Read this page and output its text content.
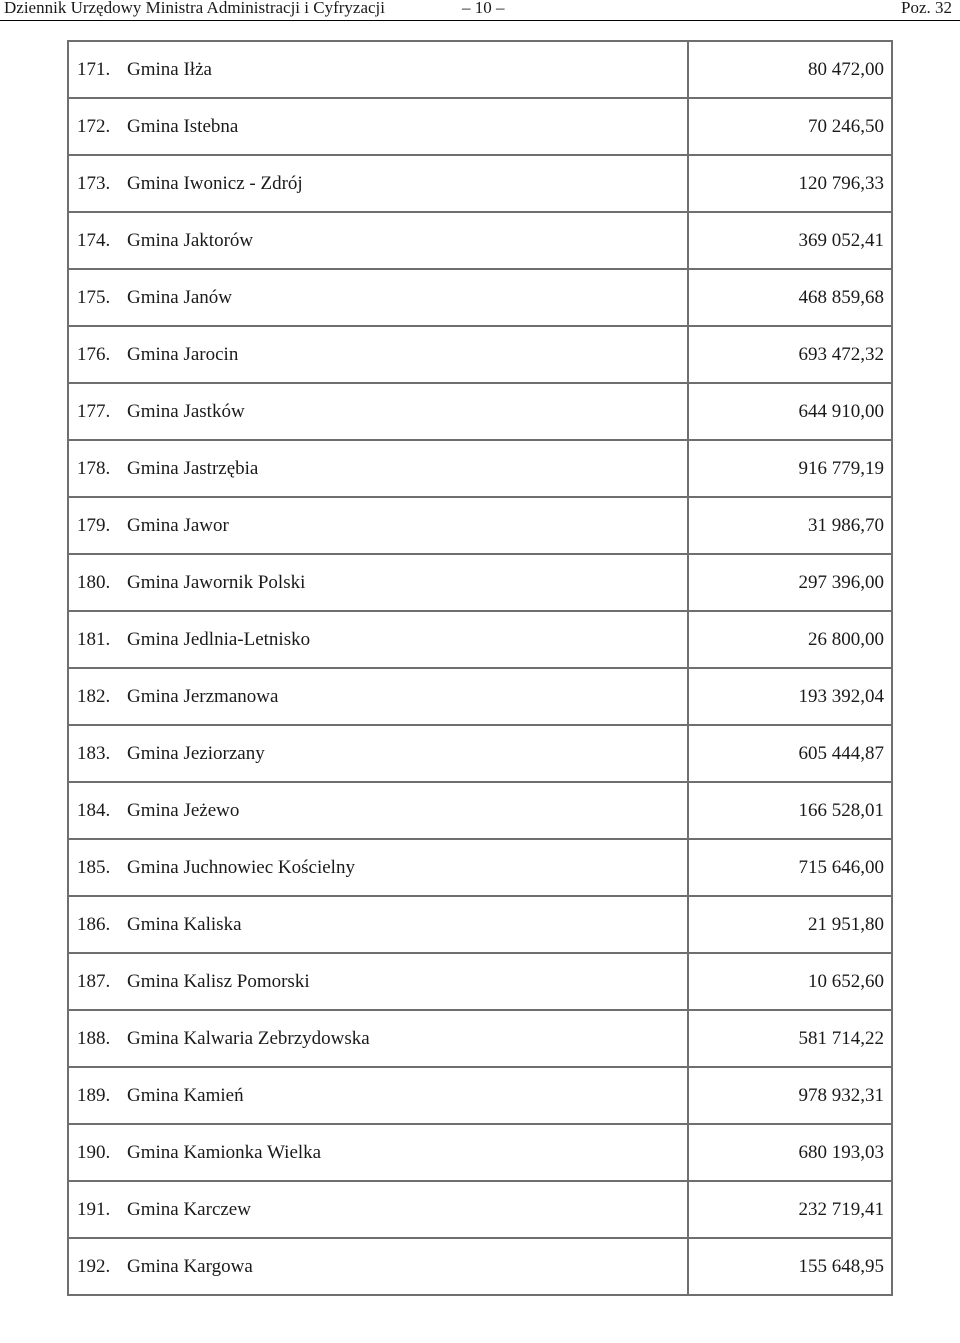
Dziennik Urzędowy Ministra Administracji i Cyfryzacji	– 10 –	Poz. 32
171. Gmina Iłża	80 472,00
172. Gmina Istebna	70 246,50
173. Gmina Iwonicz - Zdrój	120 796,33
174. Gmina Jaktorów	369 052,41
175. Gmina Janów	468 859,68
176. Gmina Jarocin	693 472,32
177. Gmina Jastków	644 910,00
178. Gmina Jastrzębia	916 779,19
179. Gmina Jawor	31 986,70
180. Gmina Jawornik Polski	297 396,00
181. Gmina Jedlnia-Letnisko	26 800,00
182. Gmina Jerzmanowa	193 392,04
183. Gmina Jeziorzany	605 444,87
184. Gmina Jeżewo	166 528,01
185. Gmina Juchnowiec Kościelny	715 646,00
186. Gmina Kaliska	21 951,80
187. Gmina Kalisz Pomorski	10 652,60
188. Gmina Kalwaria Zebrzydowska	581 714,22
189. Gmina Kamień	978 932,31
190. Gmina Kamionka Wielka	680 193,03
191. Gmina Karczew	232 719,41
192. Gmina Kargowa	155 648,95
